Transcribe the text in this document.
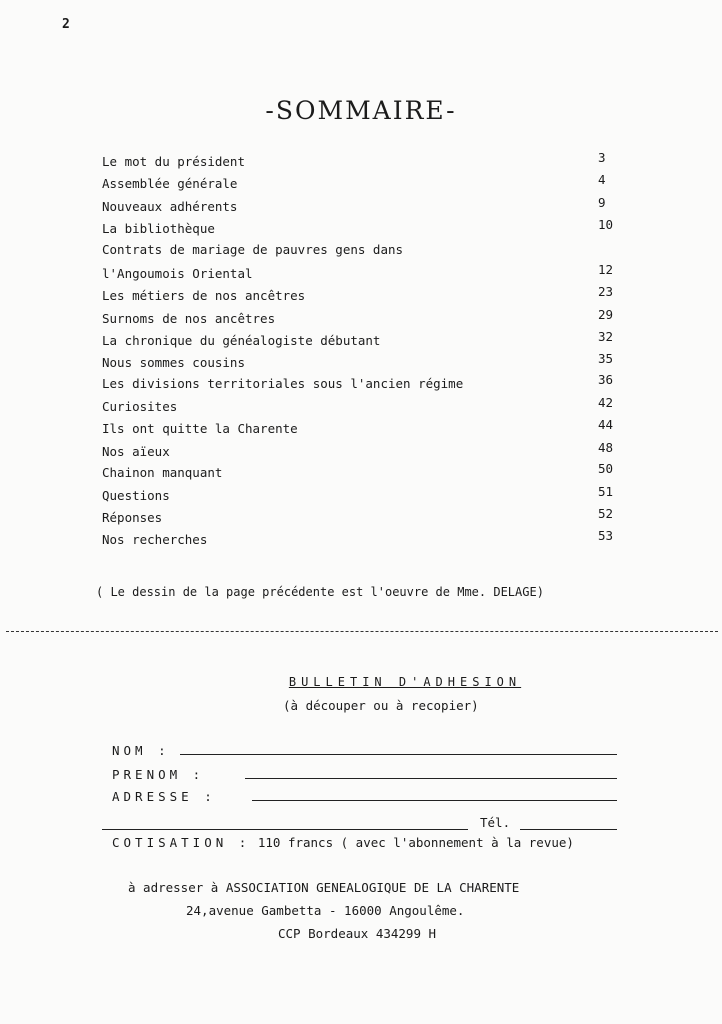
2
-SOMMAIRE-
Le mot du président	3
Assemblée générale	4
Nouveaux adhérents	9
La bibliothèque	10
Contrats de mariage de pauvres gens dans
l'Angoumois Oriental	12
Les métiers de nos ancêtres	23
Surnoms de nos ancêtres	29
La chronique du généalogiste débutant	32
Nous sommes cousins	35
Les divisions territoriales sous l'ancien régime	36
Curiosites	42
Ils ont quitte la Charente	44
Nos aïeux	48
Chainon manquant	50
Questions	51
Réponses	52
Nos recherches	53
( Le dessin de la page précédente est l'oeuvre de Mme. DELAGE)
BULLETIN D'ADHESION
(à découper ou à recopier)
NOM :
PRENOM :
ADRESSE :
Tél.
COTISATION : 110 francs ( avec l'abonnement à la revue)
à adresser à ASSOCIATION GENEALOGIQUE DE LA CHARENTE
24,avenue Gambetta - 16000 Angoulême.
CCP Bordeaux 434299 H
